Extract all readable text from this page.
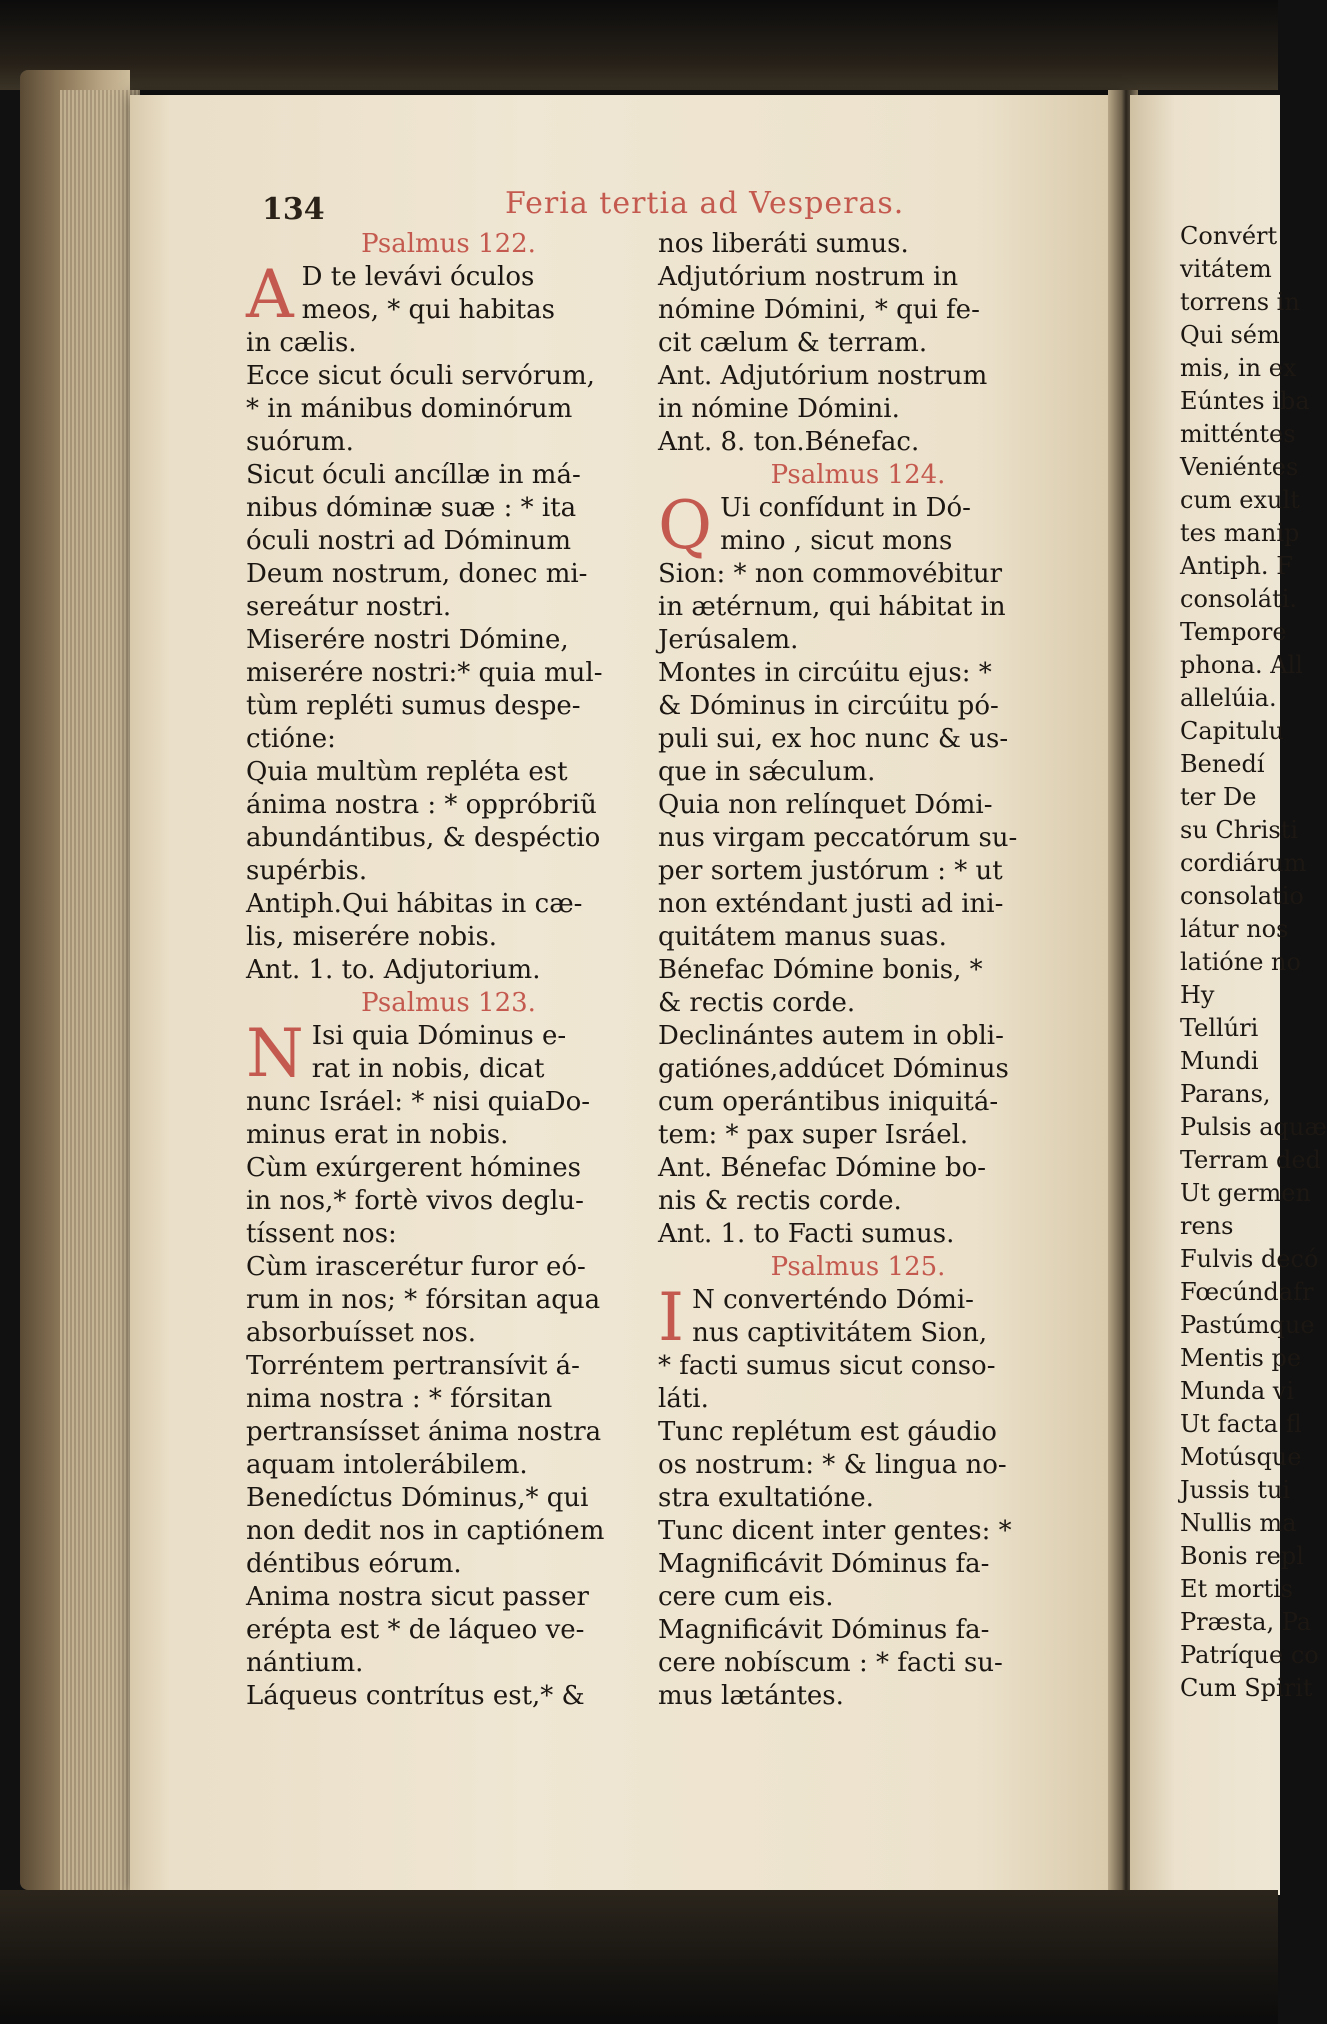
134	Feria tertia ad Vesperas.
Psalmus 122.
A D te levávi óculos
meos, * qui habitas
in cælis.
Ecce sicut óculi servórum,
* in mánibus dominórum
suórum.
Sicut óculi ancíllæ in má-
nibus dóminæ suæ : * ita
óculi nostri ad Dóminum
Deum nostrum, donec mi-
sereátur nostri.
Miserére nostri Dómine,
miserére nostri:* quia mul-
tùm repléti sumus despe-
ctióne:
Quia multùm repléta est
ánima nostra : * oppróbriũ
abundántibus, & despéctio
supérbis.
Antiph.Qui hábitas in cæ-
lis, miserére nobis.
Ant. 1. to. Adjutorium.
Psalmus 123.
N Isi quia Dóminus e-
rat in nobis, dicat
nunc Isráel: * nisi quiaDo-
minus erat in nobis.
Cùm exúrgerent hómines
in nos,* fortè vivos deglu-
tíssent nos:
Cùm irascerétur furor eó-
rum in nos; * fórsitan aqua
absorbuísset nos.
Torréntem pertransívit á-
nima nostra : * fórsitan
pertransísset ánima nostra
aquam intolerábilem.
Benedíctus Dóminus,* qui
non dedit nos in captiónem
déntibus eórum.
Anima nostra sicut passer
erépta est * de láqueo ve-
nántium.
Láqueus contrítus est,* &
nos liberáti sumus.
Adjutórium nostrum in
nómine Dómini, * qui fe-
cit cælum & terram.
Ant. Adjutórium nostrum
in nómine Dómini.
Ant. 8. ton.Bénefac.
Psalmus 124.
Q Ui confídunt in Dó-
mino , sicut mons
Sion: * non commovébitur
in ætérnum, qui hábitat in
Jerúsalem.
Montes in circúitu ejus: *
& Dóminus in circúitu pó-
puli sui, ex hoc nunc & us-
que in sǽculum.
Quia non relínquet Dómi-
nus virgam peccatórum su-
per sortem justórum : * ut
non exténdant justi ad ini-
quitátem manus suas.
Bénefac Dómine bonis, *
& rectis corde.
Declinántes autem in obli-
gatiónes,addúcet Dóminus
cum operántibus iniquitá-
tem: * pax super Isráel.
Ant. Bénefac Dómine bo-
nis & rectis corde.
Ant. 1. to Facti sumus.
Psalmus 125.
I N converténdo Dómi-
nus captivitátem Sion,
* facti sumus sicut conso-
láti.
Tunc replétum est gáudio
os nostrum: * & lingua no-
stra exultatióne.
Tunc dicent inter gentes: *
Magnificávit Dóminus fa-
cere cum eis.
Magnificávit Dóminus fa-
cere nobíscum : * facti su-
mus lætántes.
Convért
vitátem
torrens in
Qui sém
mis, in ex
Eúntes iba
mitténtes
Veniéntes
cum exult
tes manip
Antiph. F
consoláti.
Tempore
phona. All
allelúia.
Capitulu
Benedí
ter De
su Christi
cordiárum
consolatio
látur nos
latióne no
Hy
Tellúri
Mundi
Parans,
Pulsis aquæ
Terram ded
Ut germen
rens
Fulvis decó
Fœcúndafr
Pastúmque
Mentis pe
Munda vi
Ut facta fl
Motúsque
Jussis tui
Nullis ma
Bonis repl
Et mortis
Præsta, Pa
Patríque co
Cum Spirit
